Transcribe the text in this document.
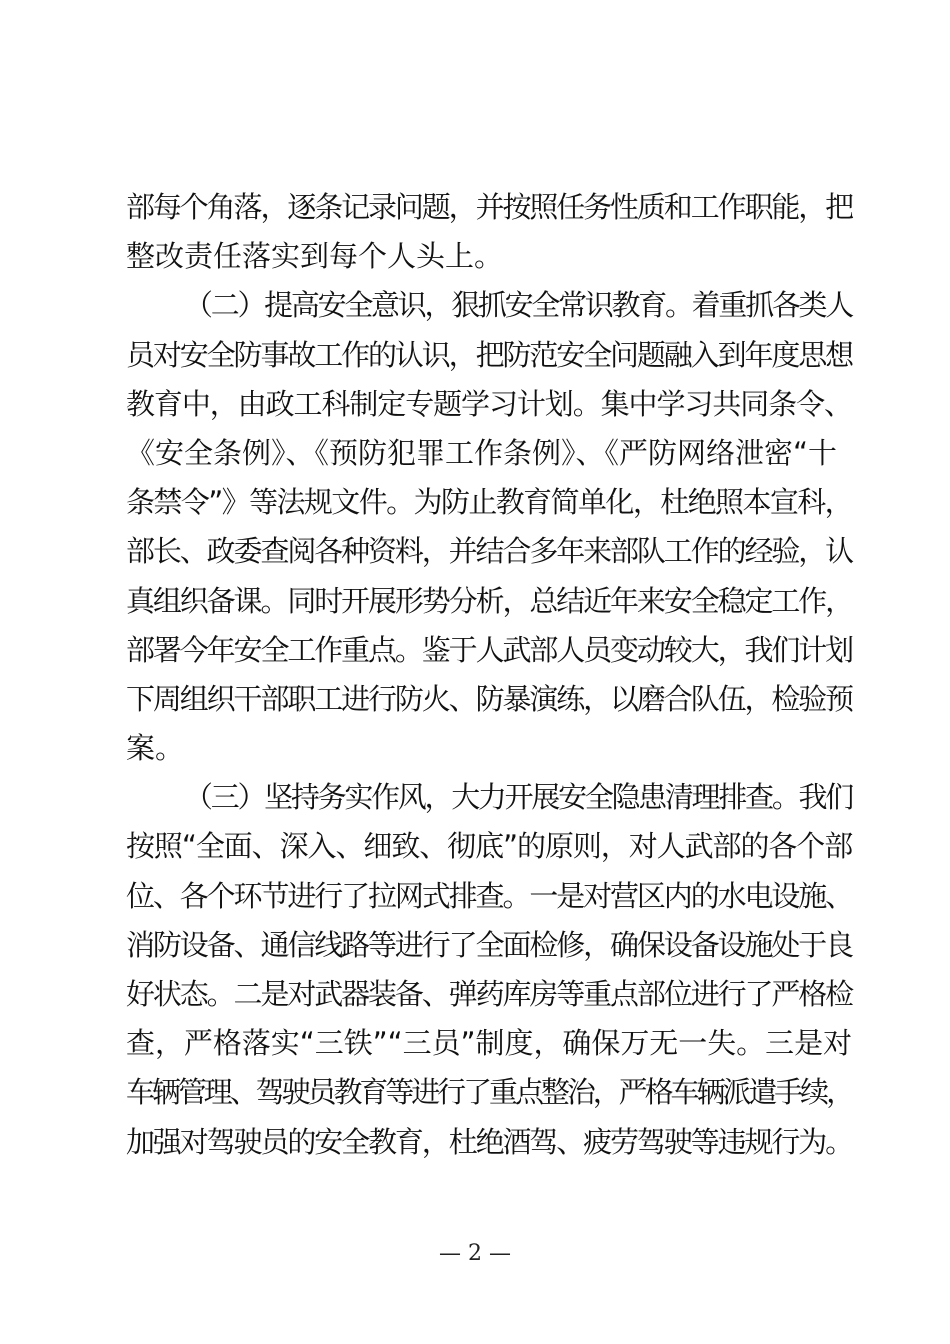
部每个角落，逐条记录问题，并按照任务性质和工作职能，把
整改责任落实到每个人头上。
（二）提高安全意识，狠抓安全常识教育。着重抓各类人
员对安全防事故工作的认识，把防范安全问题融入到年度思想
教育中，由政工科制定专题学习计划。集中学习共同条令、
《安全条例》、《预防犯罪工作条例》、《严防网络泄密“十
条禁令”》等法规文件。为防止教育简单化，杜绝照本宣科，
部长、政委查阅各种资料，并结合多年来部队工作的经验，认
真组织备课。同时开展形势分析，总结近年来安全稳定工作，
部署今年安全工作重点。鉴于人武部人员变动较大，我们计划
下周组织干部职工进行防火、防暴演练，以磨合队伍，检验预
案。
（三）坚持务实作风，大力开展安全隐患清理排查。我们
按照“全面、深入、细致、彻底”的原则，对人武部的各个部
位、各个环节进行了拉网式排查。一是对营区内的水电设施、
消防设备、通信线路等进行了全面检修，确保设备设施处于良
好状态。二是对武器装备、弹药库房等重点部位进行了严格检
查，严格落实“三铁”“三员”制度，确保万无一失。三是对
车辆管理、驾驶员教育等进行了重点整治，严格车辆派遣手续，
加强对驾驶员的安全教育，杜绝酒驾、疲劳驾驶等违规行为。
— 2 —
